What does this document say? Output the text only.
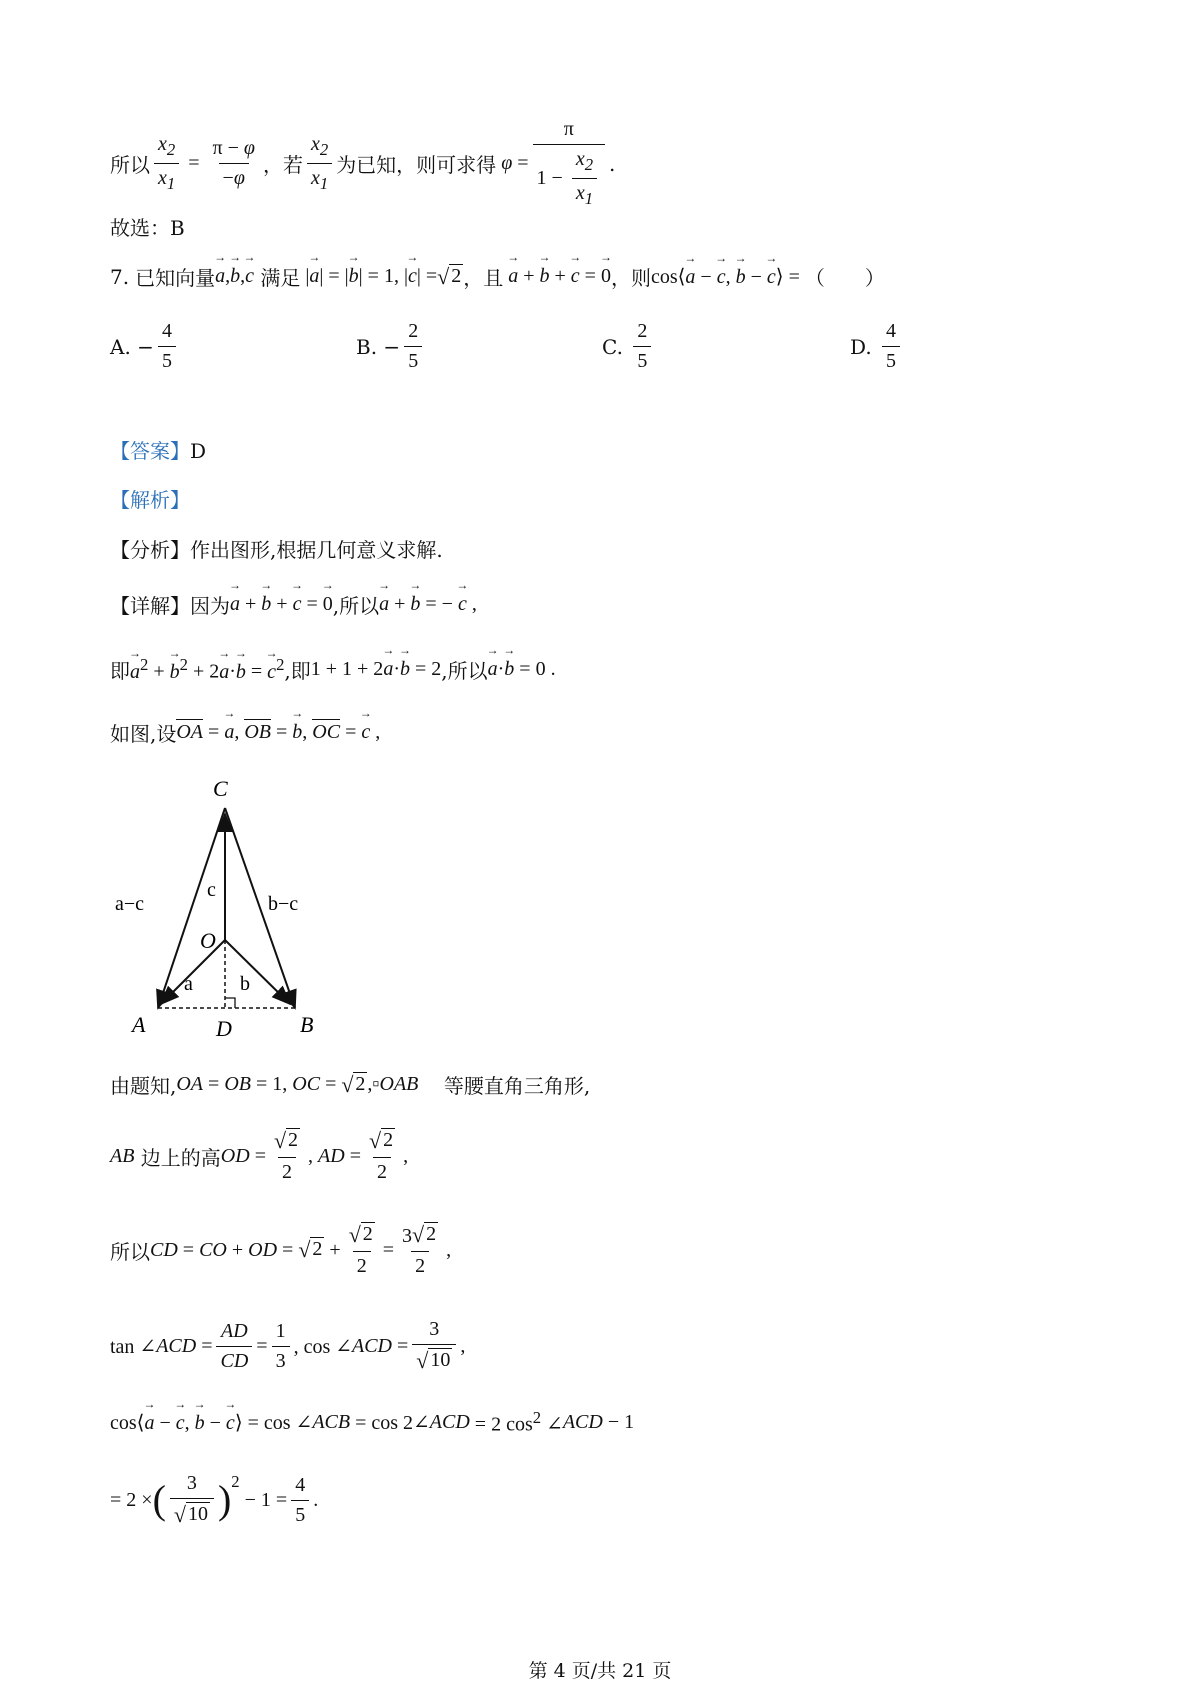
所以 $\frac{x_2}{x_1} = \frac{\pi - \varphi}{-\varphi}$ ，若 $\frac{x_2}{x_1}$ 为已知，则可求得 $\varphi = \frac{\pi}{1 - \frac{x_2}{x_1}}$ .
故选：B
7. 已知向量 → a , → b , → c
满足 |→ a| = |→ b| = 1, |→ c| = √ 2 ，且 → a + → b + → c = → 0 ，则 cos⟨→ a − → c, → b − → c⟩ = （　　）
A.
− $\frac{4}{5}$	B.
− $\frac{2}{5}$	C.
$\frac{2}{5}$	D.
$\frac{4}{5}$
【答案】D
【解析】
【分析】作出图形,根据几何意义求解.
【详解】因为 → a + → b + → c = → 0 ,所以 → a + → b = − → c ,
即 → $a^2$ + → $b^2 + 2\to a\cdot\to b$ = → $c^2$ ,即 1 + 1 + 2→ a·→ b = 2 ,所以 → a·→ b = 0 .
如图,设 OA = → a, OB = → b, OC = → c ,
C
O
A	D	B
a−c	b−c
c
a b
由题知, OA = OB = 1, OC = √ 2 , ▫ OAB
等腰直角三角形,
AB
边上的高 OD = $\frac{√ 2}{2}$ , AD = $\frac{√ 2}{2}$ ,
所以 CD = CO + OD = √ $2 + \frac{√ 2}{2} = \frac{3 √ 2}{2}$ ,
tan ∠ ACD = $\frac{AD}{CD} = \frac{1}{3}$ , cos ∠ ACD = $\frac{3}{√ 10}$ ,
cos⟨→ a − → c, → b − → c⟩ = cos ∠ ACB = cos 2∠ ACD = 2 $\cos^2$ ∠ ACD − 1
= 2 × ( $\frac{3}{√ 10} )^2$
− $1 = \frac{4}{5}$ .
第 4 页/共 21 页
